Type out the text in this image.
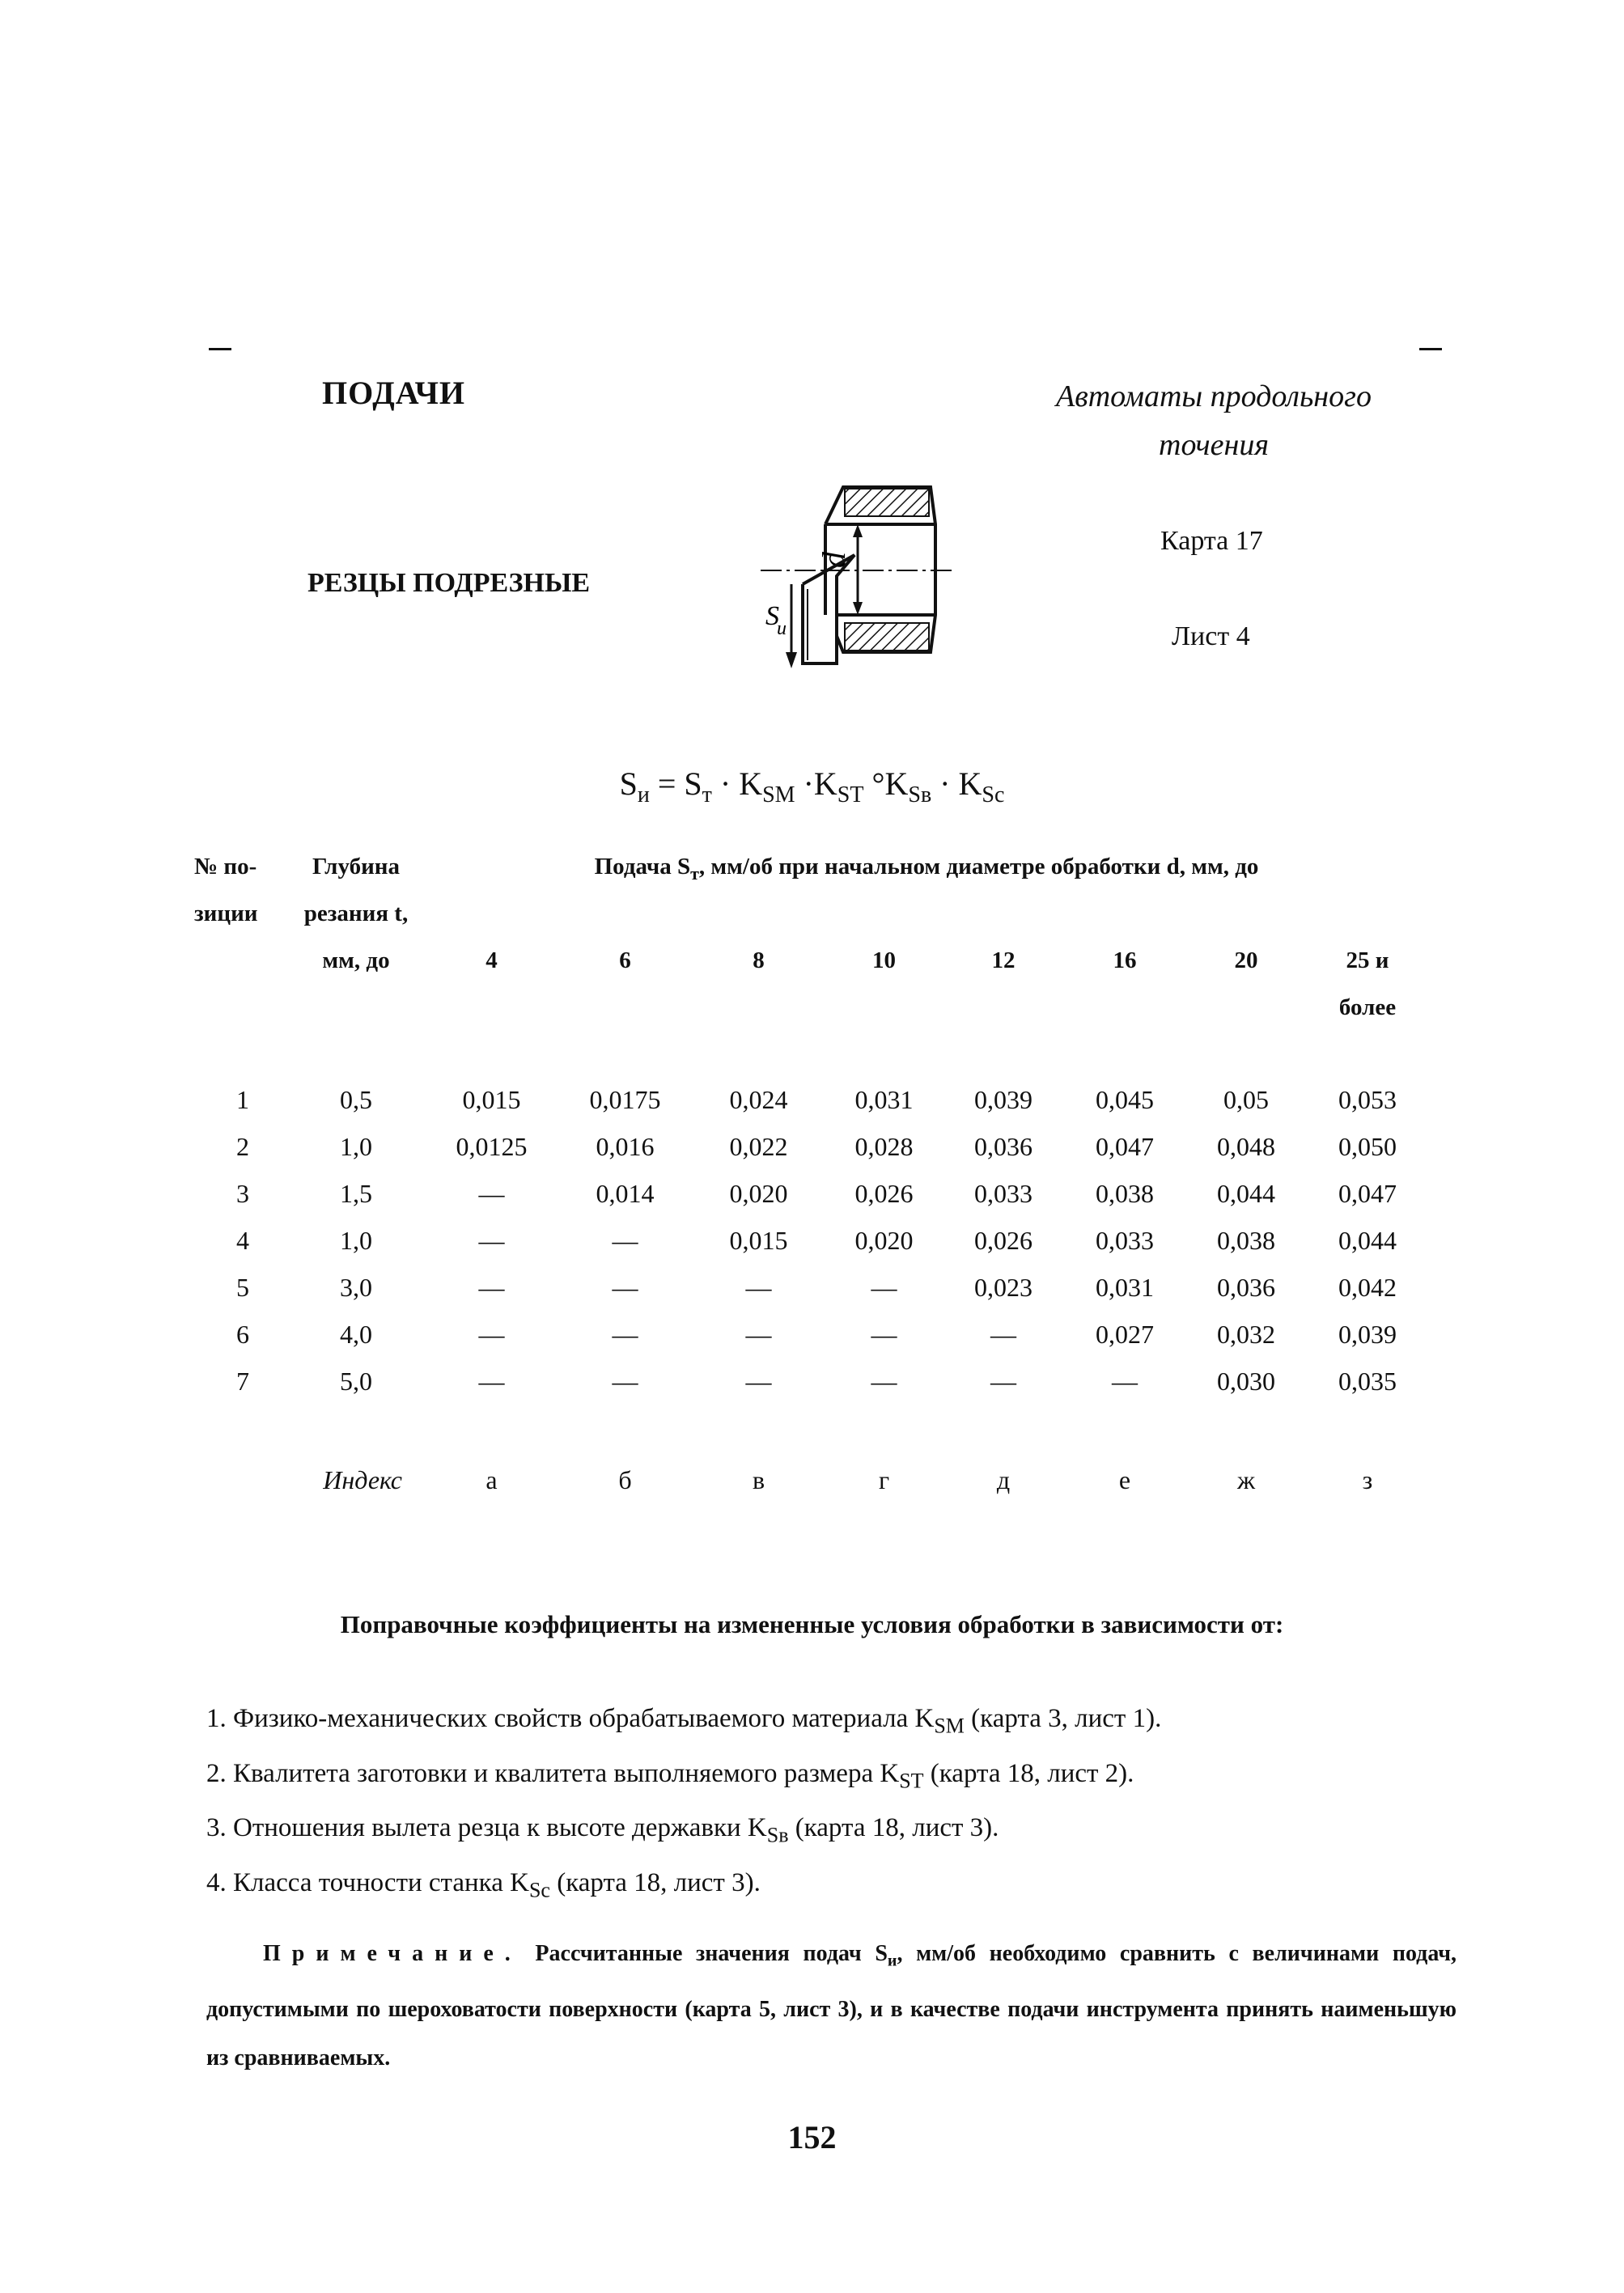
ПОДАЧИ	Автоматы продольного
точения
РЕЗЦЫ ПОДРЕЗНЫЕ
Карта 17
Лист 4
d
S
и
$S_и = S_т \cdot K_{SM} \cdot K_{ST}$ $^\circ K_{Sв} \cdot K_{Sc}$
№ по-	Глубина	Подача $S_т$, мм/об при начальном диаметре обработки d, мм, до							
зиции	резания t,								
	мм, до	4	6	8	10	12	16	20	25 и
									более
1	0,5	0,015	0,0175	0,024	0,031	0,039	0,045	0,05	0,053
2	1,0	0,0125	0,016	0,022	0,028	0,036	0,047	0,048	0,050
3	1,5	—	0,014	0,020	0,026	0,033	0,038	0,044	0,047
4	1,0	—	—	0,015	0,020	0,026	0,033	0,038	0,044
5	3,0	—	—	—	—	0,023	0,031	0,036	0,042
6	4,0	—	—	—	—	—	0,027	0,032	0,039
7	5,0	—	—	—	—	—	—	0,030	0,035

Индекс		а	б	в	г	д	е	ж	з
Поправочные коэффициенты на измененные условия обработки в зависимости от:
1. Физико-механических свойств обрабатываемого материала $K_{SM}$ (карта 3, лист 1).
2. Квалитета заготовки и квалитета выполняемого размера $K_{ST}$ (карта 18, лист 2).
3. Отношения вылета резца к высоте державки $K_{Sв}$ (карта 18, лист 3).
4. Класса точности станка $K_{Sc}$ (карта 18, лист 3).
Примечание. Рассчитанные значения подач $S_и$, мм/об необходимо сравнить с величинами подач, допустимыми по шероховатости поверхности (карта 5, лист 3), и в качестве подачи инструмента принять наименьшую из сравниваемых.
152
